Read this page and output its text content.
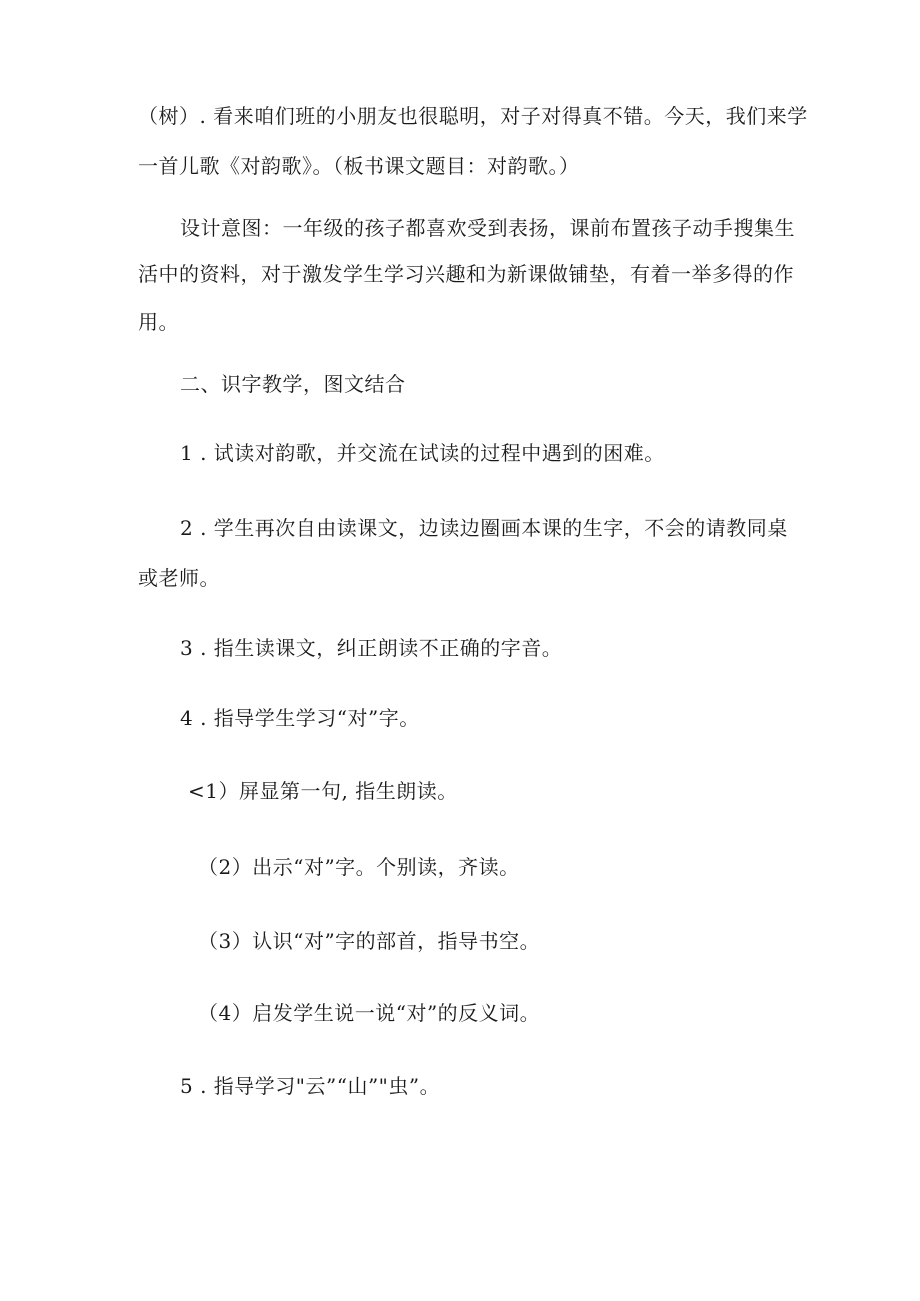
（树）. 看来咱们班的小朋友也很聪明，对子对得真不错。今天，我们来学
一首儿歌《对韵歌》。（板书课文题目：对韵歌。）
设计意图：一年级的孩子都喜欢受到表扬，课前布置孩子动手搜集生
活中的资料，对于激发学生学习兴趣和为新课做铺垫，有着一举多得的作
用。
二、识字教学，图文结合
1 . 试读对韵歌，并交流在试读的过程中遇到的困难。
2 . 学生再次自由读课文，边读边圈画本课的生字，不会的请教同桌
或老师。
3 . 指生读课文，纠正朗读不正确的字音。
4 . 指导学生学习“对”字。
<1）屏显第一句, 指生朗读。
（2）出示“对”字。个别读，齐读。
（3）认识“对”字的部首，指导书空。
（4）启发学生说一说“对”的反义词。
5 . 指导学习"云”“山”"虫”。
